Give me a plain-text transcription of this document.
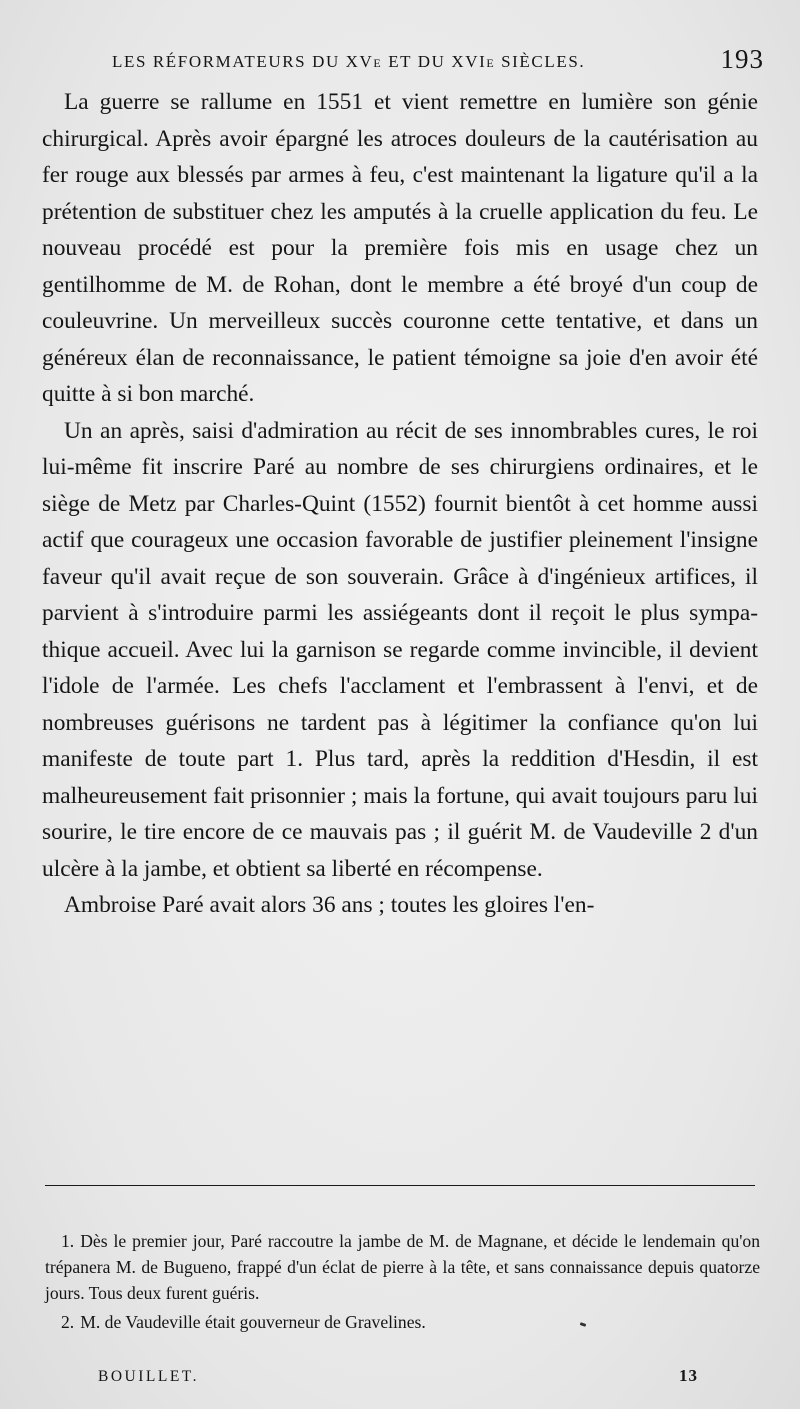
LES RÉFORMATEURS DU XVe ET DU XVIe SIÈCLES.	193

La guerre se rallume en 1551 et vient remettre en lumière son génie chirurgical. Après avoir épargné les atroces douleurs de la cautérisation au fer rouge aux blessés par armes à feu, c'est maintenant la ligature qu'il a la prétention de substituer chez les amputés à la cruelle application du feu. Le nouveau procédé est pour la première fois mis en usage chez un gentilhomme de M. de Rohan, dont le membre a été broyé d'un coup de couleuvrine. Un merveilleux succès couronne cette tentative, et dans un généreux élan de reconnaissance, le patient témoigne sa joie d'en avoir été quitte à si bon marché.

Un an après, saisi d'admiration au récit de ses innombrables cures, le roi lui-même fit inscrire Paré au nombre de ses chirurgiens ordinaires, et le siège de Metz par Charles-Quint (1552) fournit bientôt à cet homme aussi actif que courageux une occasion favorable de justifier pleinement l'insigne faveur qu'il avait reçue de son souverain. Grâce à d'ingénieux artifices, il parvient à s'introduire parmi les assiégeants dont il reçoit le plus sympathique accueil. Avec lui la garnison se regarde comme invincible, il devient l'idole de l'armée. Les chefs l'acclament et l'embrassent à l'envi, et de nombreuses guérisons ne tardent pas à légitimer la confiance qu'on lui manifeste de toute part 1. Plus tard, après la reddition d'Hesdin, il est malheureusement fait prisonnier ; mais la fortune, qui avait toujours paru lui sourire, le tire encore de ce mauvais pas ; il guérit M. de Vaudeville 2 d'un ulcère à la jambe, et obtient sa liberté en récompense.

Ambroise Paré avait alors 36 ans ; toutes les gloires l'en-

1. Dès le premier jour, Paré raccoutre la jambe de M. de Magnane, et décide le lendemain qu'on trépanera M. de Bugueno, frappé d'un éclat de pierre à la tête, et sans connaissance depuis quatorze jours. Tous deux furent guéris.

2. M. de Vaudeville était gouverneur de Gravelines.

BOUILLET.	13
